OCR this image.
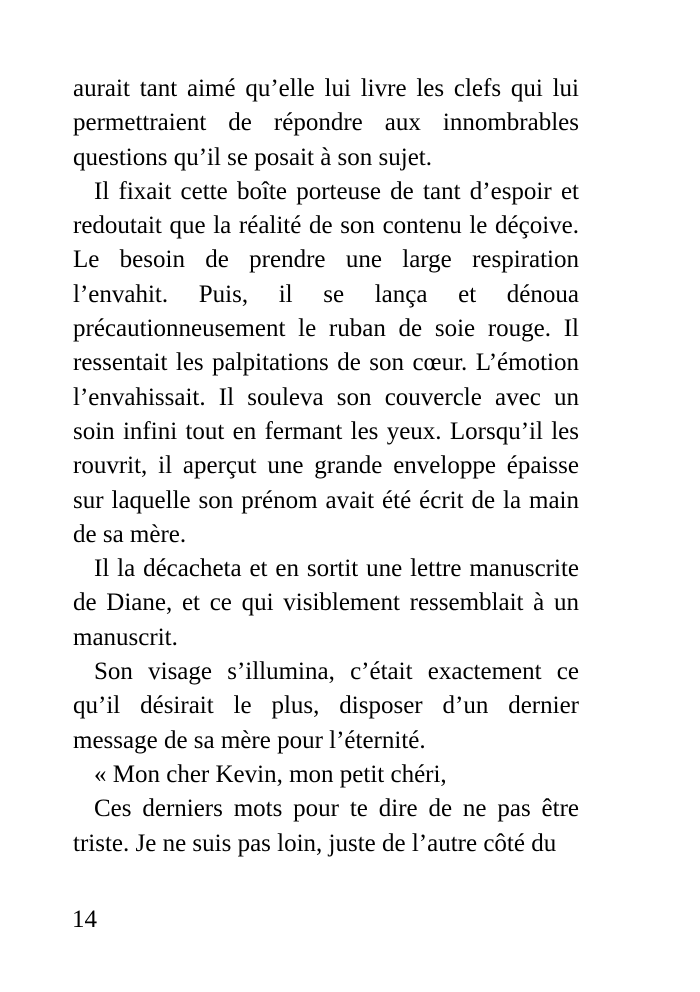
aurait tant aimé qu’elle lui livre les clefs qui lui permettraient de répondre aux innombrables questions qu’il se posait à son sujet.

Il fixait cette boîte porteuse de tant d’espoir et redoutait que la réalité de son contenu le déçoive. Le besoin de prendre une large respiration l’envahit. Puis, il se lança et dénoua précautionneusement le ruban de soie rouge. Il ressentait les palpitations de son cœur. L’émotion l’envahissait. Il souleva son couvercle avec un soin infini tout en fermant les yeux. Lorsqu’il les rouvrit, il aperçut une grande enveloppe épaisse sur laquelle son prénom avait été écrit de la main de sa mère.

Il la décacheta et en sortit une lettre manuscrite de Diane, et ce qui visiblement ressemblait à un manuscrit.

Son visage s’illumina, c’était exactement ce qu’il désirait le plus, disposer d’un dernier message de sa mère pour l’éternité.

« Mon cher Kevin, mon petit chéri,

Ces derniers mots pour te dire de ne pas être triste. Je ne suis pas loin, juste de l’autre côté du

14
